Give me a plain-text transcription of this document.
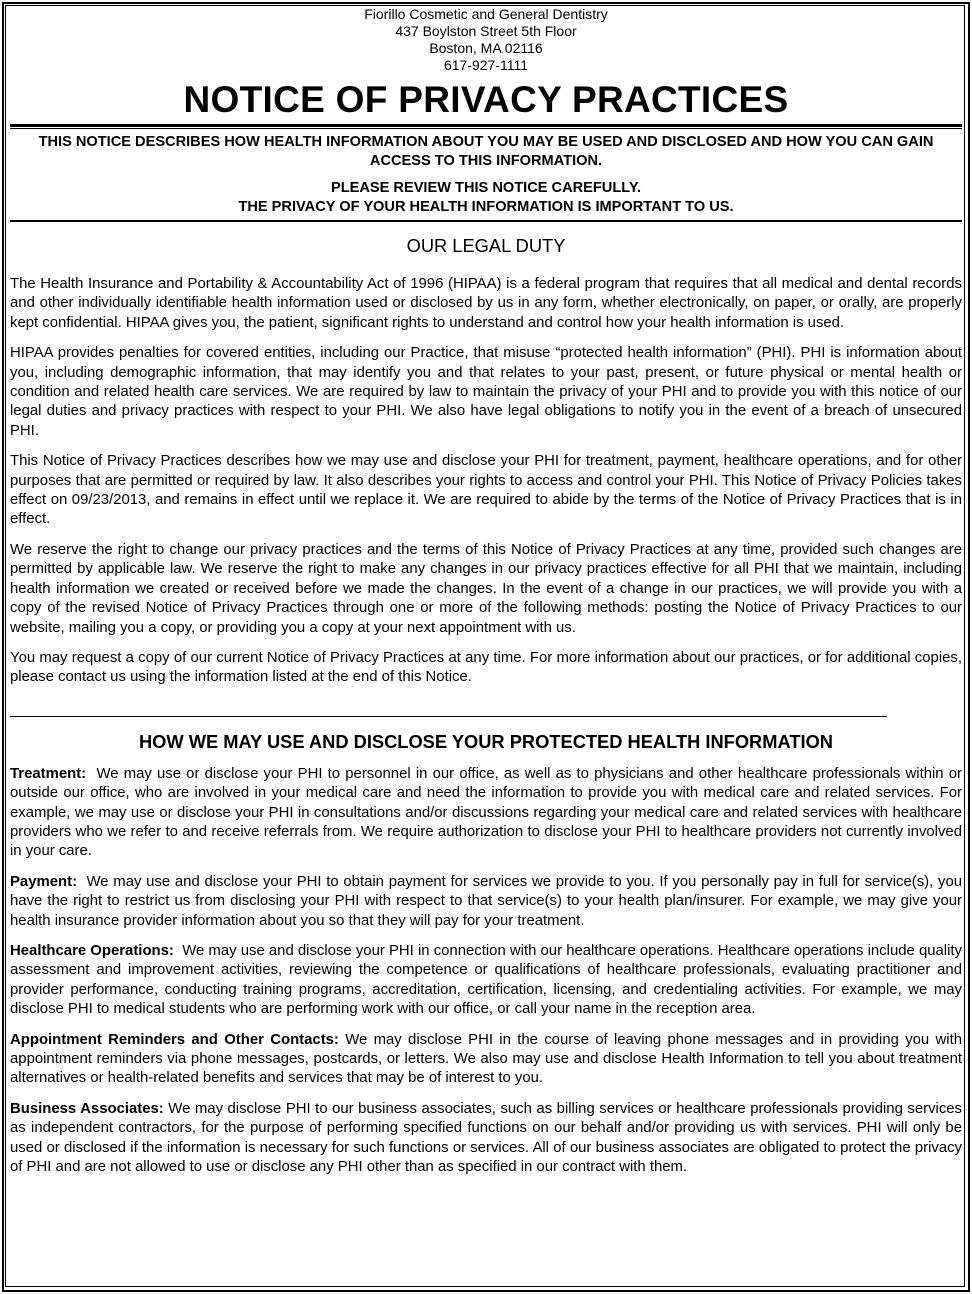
Fiorillo Cosmetic and General Dentistry
437 Boylston Street 5th Floor
Boston, MA 02116
617-927-1111
NOTICE OF PRIVACY PRACTICES
THIS NOTICE DESCRIBES HOW HEALTH INFORMATION ABOUT YOU MAY BE USED AND DISCLOSED AND HOW YOU CAN GAIN ACCESS TO THIS INFORMATION.
PLEASE REVIEW THIS NOTICE CAREFULLY.
THE PRIVACY OF YOUR HEALTH INFORMATION IS IMPORTANT TO US.
OUR LEGAL DUTY

The Health Insurance and Portability & Accountability Act of 1996 (HIPAA) is a federal program that requires that all medical and dental records and other individually identifiable health information used or disclosed by us in any form, whether electronically, on paper, or orally, are properly kept confidential. HIPAA gives you, the patient, significant rights to understand and control how your health information is used.

HIPAA provides penalties for covered entities, including our Practice, that misuse “protected health information” (PHI). PHI is information about you, including demographic information, that may identify you and that relates to your past, present, or future physical or mental health or condition and related health care services. We are required by law to maintain the privacy of your PHI and to provide you with this notice of our legal duties and privacy practices with respect to your PHI. We also have legal obligations to notify you in the event of a breach of unsecured PHI.

This Notice of Privacy Practices describes how we may use and disclose your PHI for treatment, payment, healthcare operations, and for other purposes that are permitted or required by law. It also describes your rights to access and control your PHI. This Notice of Privacy Policies takes effect on 09/23/2013, and remains in effect until we replace it. We are required to abide by the terms of the Notice of Privacy Practices that is in effect.

We reserve the right to change our privacy practices and the terms of this Notice of Privacy Practices at any time, provided such changes are permitted by applicable law. We reserve the right to make any changes in our privacy practices effective for all PHI that we maintain, including health information we created or received before we made the changes. In the event of a change in our practices, we will provide you with a copy of the revised Notice of Privacy Practices through one or more of the following methods: posting the Notice of Privacy Practices to our website, mailing you a copy, or providing you a copy at your next appointment with us.

You may request a copy of our current Notice of Privacy Practices at any time. For more information about our practices, or for additional copies, please contact us using the information listed at the end of this Notice.

HOW WE MAY USE AND DISCLOSE YOUR PROTECTED HEALTH INFORMATION

Treatment: We may use or disclose your PHI to personnel in our office, as well as to physicians and other healthcare professionals within or outside our office, who are involved in your medical care and need the information to provide you with medical care and related services. For example, we may use or disclose your PHI in consultations and/or discussions regarding your medical care and related services with healthcare providers who we refer to and receive referrals from. We require authorization to disclose your PHI to healthcare providers not currently involved in your care.

Payment: We may use and disclose your PHI to obtain payment for services we provide to you. If you personally pay in full for service(s), you have the right to restrict us from disclosing your PHI with respect to that service(s) to your health plan/insurer. For example, we may give your health insurance provider information about you so that they will pay for your treatment.

Healthcare Operations: We may use and disclose your PHI in connection with our healthcare operations. Healthcare operations include quality assessment and improvement activities, reviewing the competence or qualifications of healthcare professionals, evaluating practitioner and provider performance, conducting training programs, accreditation, certification, licensing, and credentialing activities. For example, we may disclose PHI to medical students who are performing work with our office, or call your name in the reception area.

Appointment Reminders and Other Contacts: We may disclose PHI in the course of leaving phone messages and in providing you with appointment reminders via phone messages, postcards, or letters. We also may use and disclose Health Information to tell you about treatment alternatives or health-related benefits and services that may be of interest to you.

Business Associates: We may disclose PHI to our business associates, such as billing services or healthcare professionals providing services as independent contractors, for the purpose of performing specified functions on our behalf and/or providing us with services. PHI will only be used or disclosed if the information is necessary for such functions or services. All of our business associates are obligated to protect the privacy of PHI and are not allowed to use or disclose any PHI other than as specified in our contract with them.
